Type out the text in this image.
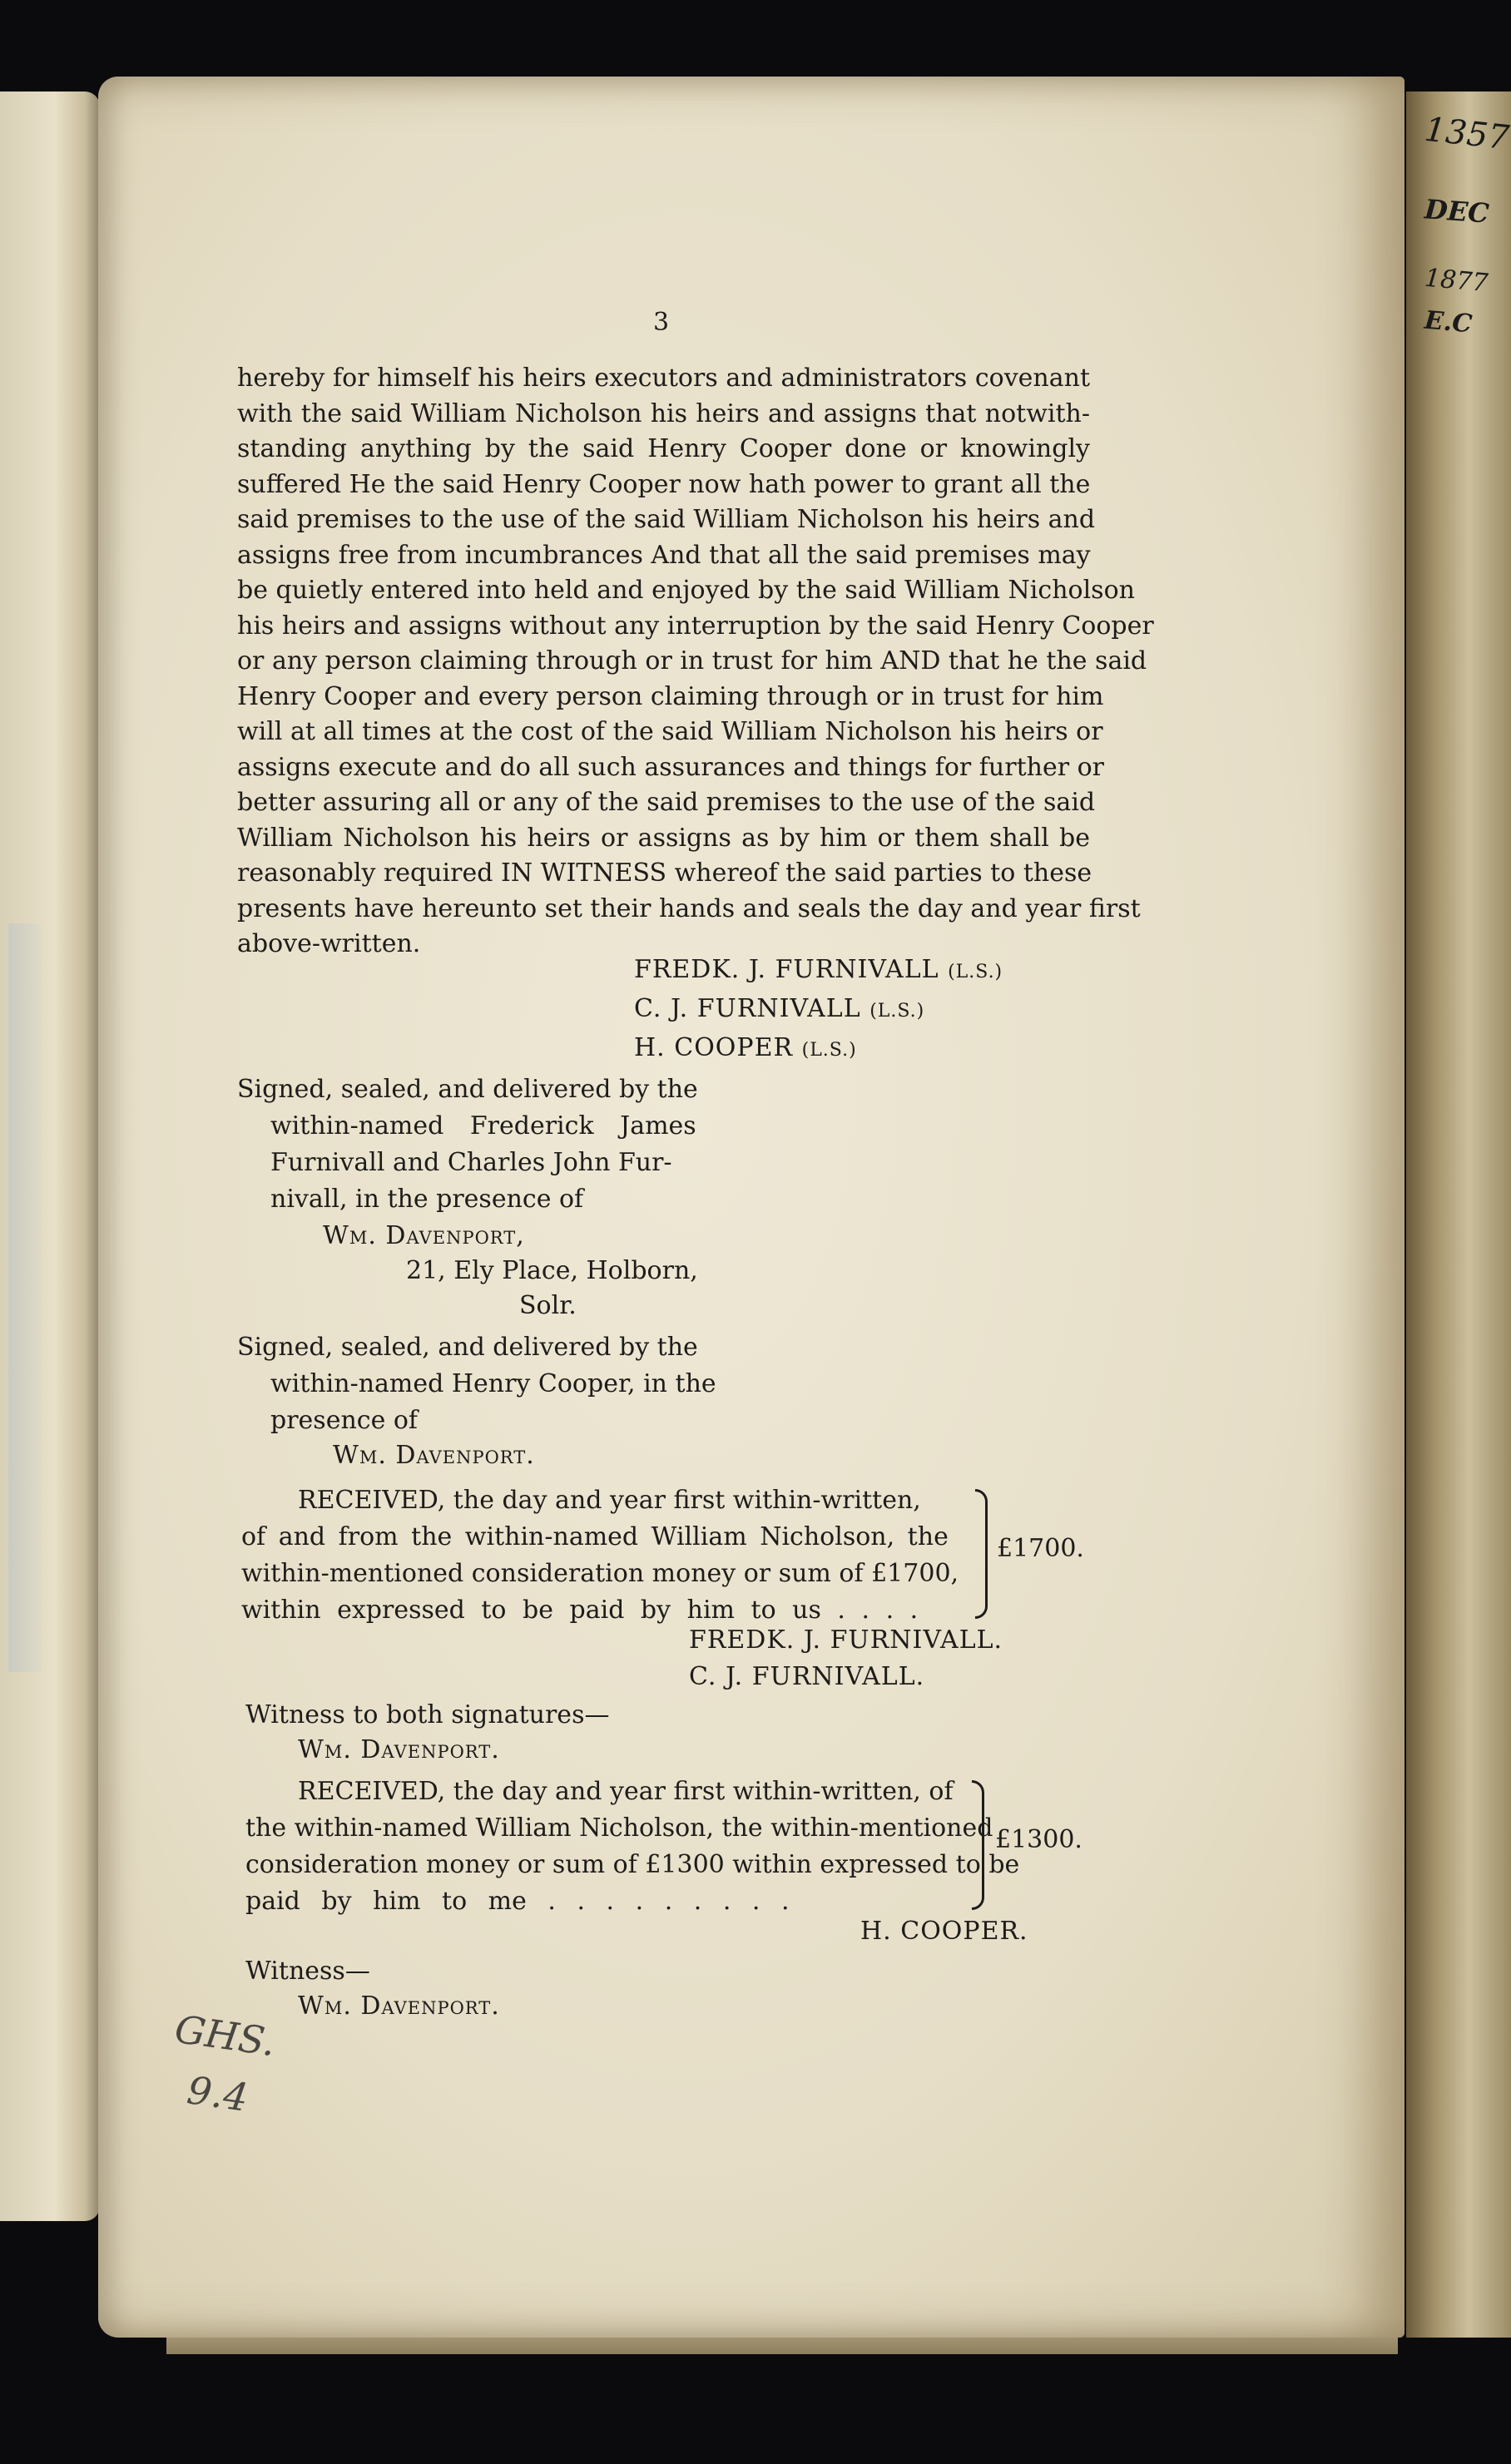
1357
DEC
1877
E.C
3
hereby for himself his heirs executors and administrators covenant
with the said William Nicholson his heirs and assigns that notwith-
standing anything by the said Henry Cooper done or knowingly
suffered He the said Henry Cooper now hath power to grant all the
said premises to the use of the said William Nicholson his heirs and
assigns free from incumbrances And that all the said premises may
be quietly entered into held and enjoyed by the said William Nicholson
his heirs and assigns without any interruption by the said Henry Cooper
or any person claiming through or in trust for him AND that he the said
Henry Cooper and every person claiming through or in trust for him
will at all times at the cost of the said William Nicholson his heirs or
assigns execute and do all such assurances and things for further or
better assuring all or any of the said premises to the use of the said
William Nicholson his heirs or assigns as by him or them shall be
reasonably required IN WITNESS whereof the said parties to these
presents have hereunto set their hands and seals the day and year first
above-written.
FREDK. J. FURNIVALL (L.S.)
C. J. FURNIVALL (L.S.)
H. COOPER (L.S.)
Signed, sealed, and delivered by the
within-named Frederick James
Furnivall and Charles John Fur-
nivall, in the presence of
Wm. Davenport,
21, Ely Place, Holborn,
Solr.
Signed, sealed, and delivered by the
within-named Henry Cooper, in the
presence of
Wm. Davenport.
RECEIVED, the day and year first within-written,
of and from the within-named William Nicholson, the
within-mentioned consideration money or sum of £1700,
within expressed to be paid by him to us . . . .
£1700.
FREDK. J. FURNIVALL.
C. J. FURNIVALL.
Witness to both signatures—
Wm. Davenport.
RECEIVED, the day and year first within-written, of
the within-named William Nicholson, the within-mentioned
consideration money or sum of £1300 within expressed to be
paid by him to me . . . . . . . . .
£1300.
H. COOPER.
Witness—
Wm. Davenport.
GHS.
9.4
